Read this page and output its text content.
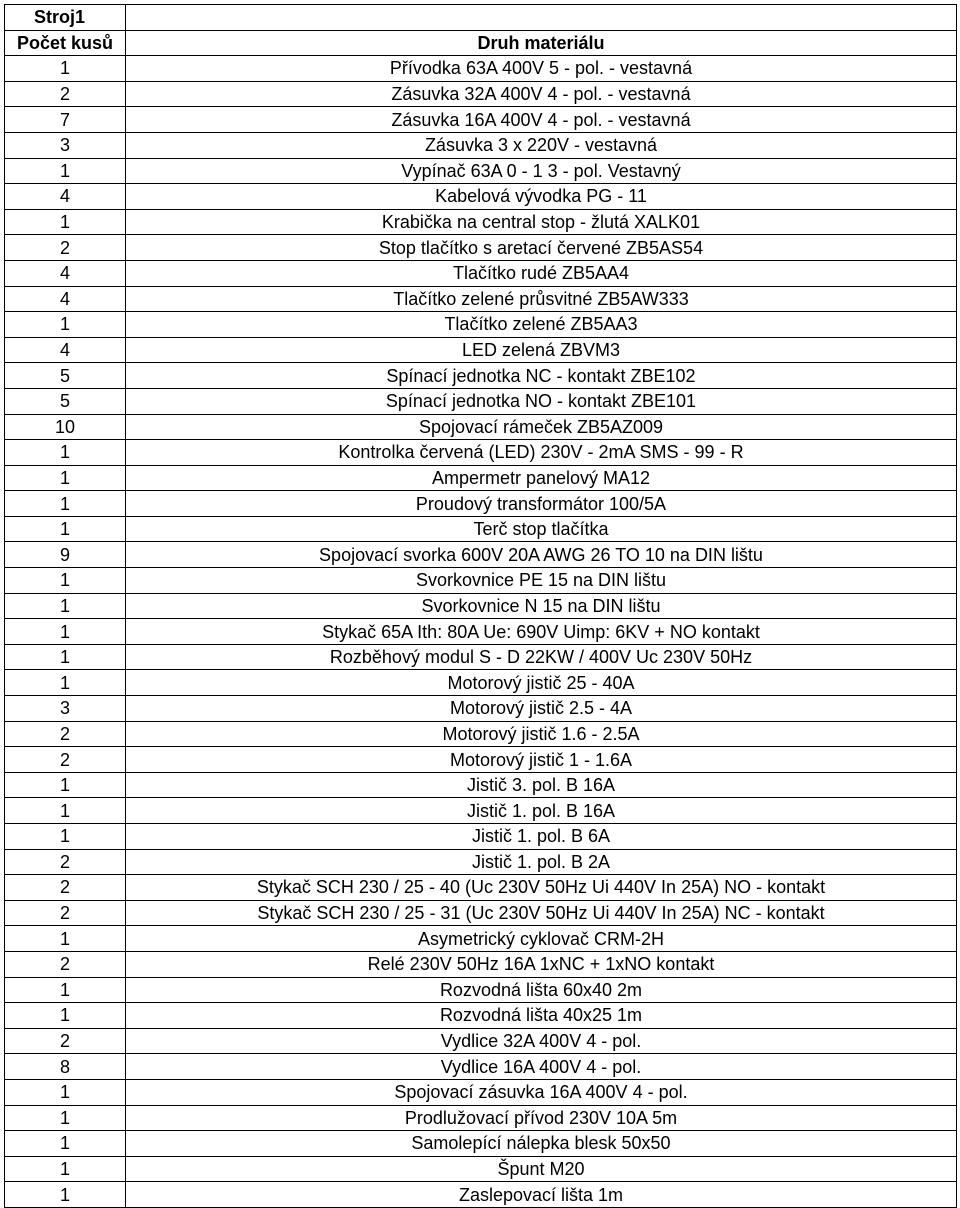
Stroj1	
Počet kusů	Druh materiálu
1	Přívodka 63A 400V 5 - pol. - vestavná
2	Zásuvka 32A 400V 4 - pol. - vestavná
7	Zásuvka 16A 400V 4 - pol. - vestavná
3	Zásuvka 3 x 220V - vestavná
1	Vypínač 63A 0 - 1 3 - pol. Vestavný
4	Kabelová vývodka PG - 11
1	Krabička na central stop - žlutá XALK01
2	Stop tlačítko s aretací červené ZB5AS54
4	Tlačítko rudé ZB5AA4
4	Tlačítko zelené průsvitné ZB5AW333
1	Tlačítko zelené ZB5AA3
4	LED zelená ZBVM3
5	Spínací jednotka NC - kontakt ZBE102
5	Spínací jednotka NO - kontakt ZBE101
10	Spojovací rámeček ZB5AZ009
1	Kontrolka červená (LED) 230V - 2mA SMS - 99 - R
1	Ampermetr panelový MA12
1	Proudový transformátor 100/5A
1	Terč stop tlačítka
9	Spojovací svorka 600V 20A AWG 26 TO 10 na DIN lištu
1	Svorkovnice PE 15 na DIN lištu
1	Svorkovnice N 15 na DIN lištu
1	Stykač 65A Ith: 80A Ue: 690V Uimp: 6KV + NO kontakt
1	Rozběhový modul S - D 22KW / 400V Uc 230V 50Hz
1	Motorový jistič 25 - 40A
3	Motorový jistič 2.5 - 4A
2	Motorový jistič 1.6 - 2.5A
2	Motorový jistič 1 - 1.6A
1	Jistič 3. pol. B 16A
1	Jistič 1. pol. B 16A
1	Jistič 1. pol. B 6A
2	Jistič 1. pol. B 2A
2	Stykač SCH 230 / 25 - 40 (Uc 230V 50Hz Ui 440V In 25A) NO - kontakt
2	Stykač SCH 230 / 25 - 31 (Uc 230V 50Hz Ui 440V In 25A) NC - kontakt
1	Asymetrický cyklovač CRM-2H
2	Relé 230V 50Hz 16A 1xNC + 1xNO kontakt
1	Rozvodná lišta 60x40 2m
1	Rozvodná lišta 40x25 1m
2	Vydlice 32A 400V 4 - pol.
8	Vydlice 16A 400V 4 - pol.
1	Spojovací zásuvka 16A 400V 4 - pol.
1	Prodlužovací přívod 230V 10A 5m
1	Samolepící nálepka blesk 50x50
1	Špunt M20
1	Zaslepovací lišta 1m
